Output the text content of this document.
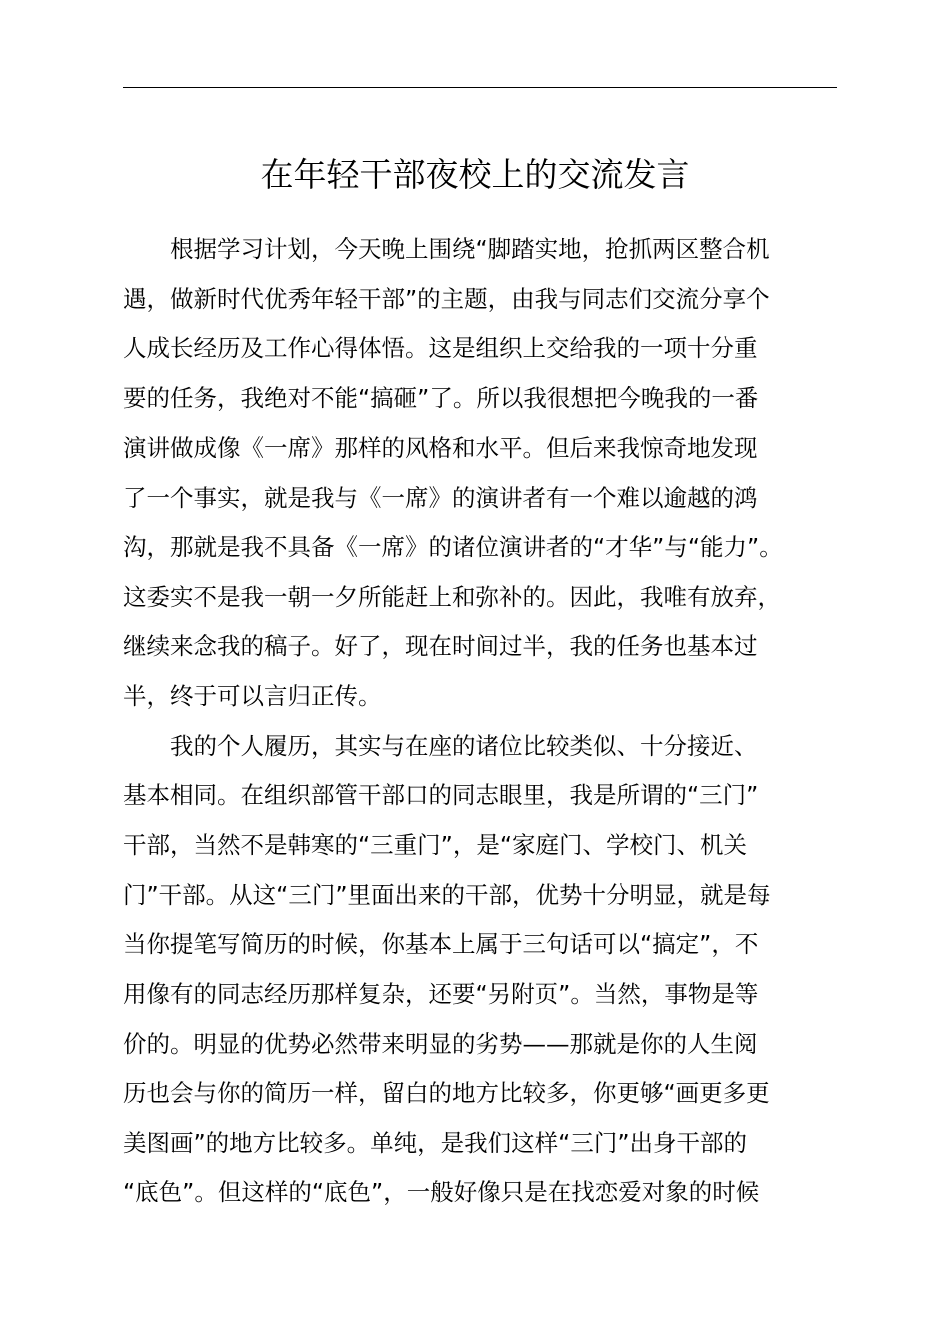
在年轻干部夜校上的交流发言
根据学习计划，今天晚上围绕“脚踏实地，抢抓两区整合机
遇，做新时代优秀年轻干部”的主题，由我与同志们交流分享个
人成长经历及工作心得体悟。这是组织上交给我的一项十分重
要的任务，我绝对不能“搞砸”了。所以我很想把今晚我的一番
演讲做成像《一席》那样的风格和水平。但后来我惊奇地发现
了一个事实，就是我与《一席》的演讲者有一个难以逾越的鸿
沟，那就是我不具备《一席》的诸位演讲者的“才华”与“能力”。
这委实不是我一朝一夕所能赶上和弥补的。因此，我唯有放弃，
继续来念我的稿子。好了，现在时间过半，我的任务也基本过
半，终于可以言归正传。
我的个人履历，其实与在座的诸位比较类似、十分接近、
基本相同。在组织部管干部口的同志眼里，我是所谓的“三门”
干部，当然不是韩寒的“三重门”，是“家庭门、学校门、机关
门”干部。从这“三门”里面出来的干部，优势十分明显，就是每
当你提笔写简历的时候，你基本上属于三句话可以“搞定”，不
用像有的同志经历那样复杂，还要“另附页”。当然，事物是等
价的。明显的优势必然带来明显的劣势——那就是你的人生阅
历也会与你的简历一样，留白的地方比较多，你更够“画更多更
美图画”的地方比较多。单纯，是我们这样“三门”出身干部的
“底色”。但这样的“底色”，一般好像只是在找恋爱对象的时候
